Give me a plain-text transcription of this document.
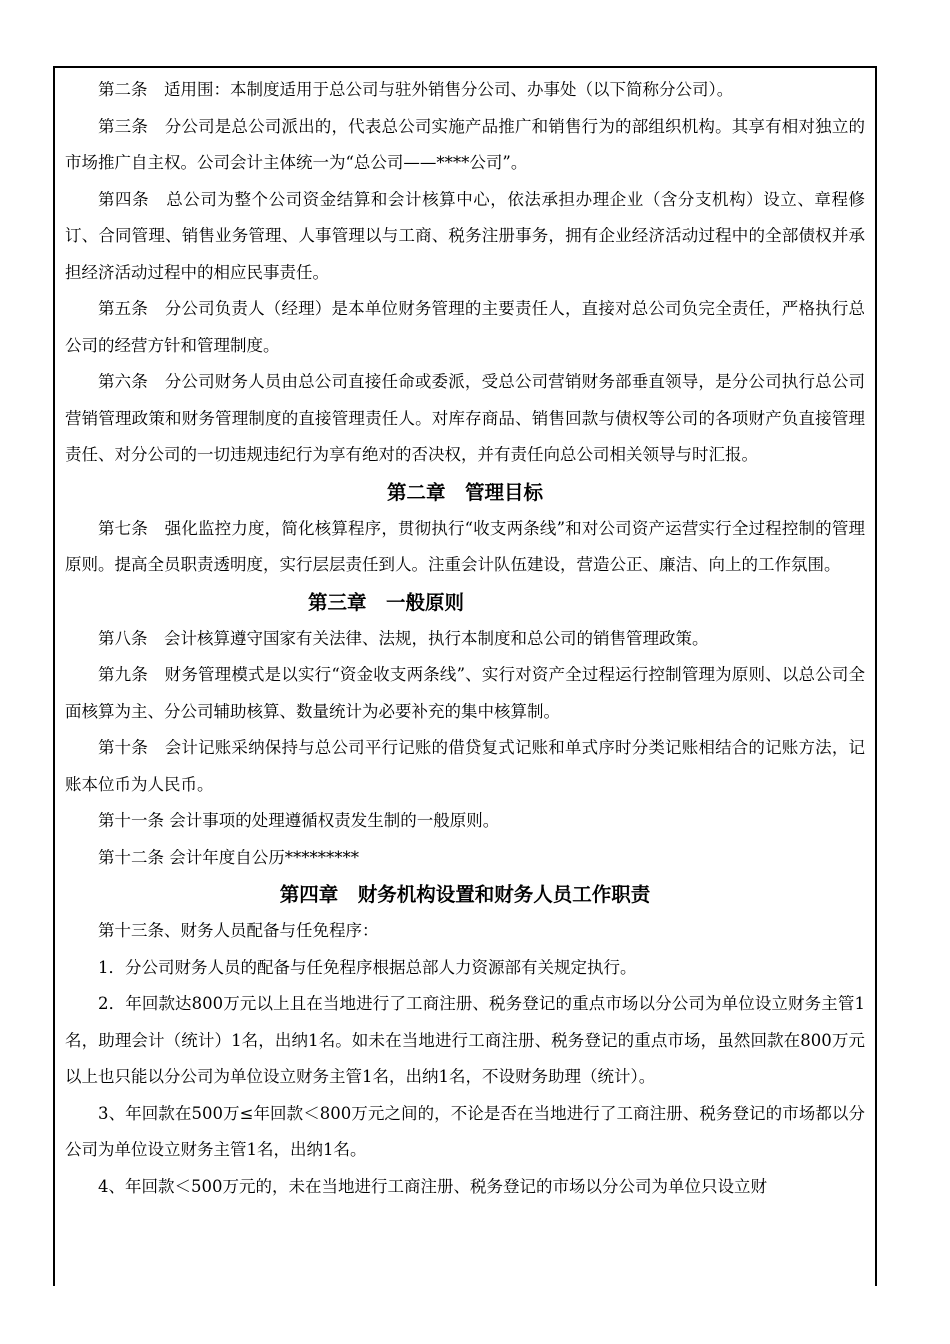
第二条　适用围：本制度适用于总公司与驻外销售分公司、办事处（以下简称分公司）。

第三条　分公司是总公司派出的，代表总公司实施产品推广和销售行为的部组织机构。其享有相对独立的市场推广自主权。公司会计主体统一为“总公司——****公司”。

第四条　总公司为整个公司资金结算和会计核算中心，依法承担办理企业（含分支机构）设立、章程修订、合同管理、销售业务管理、人事管理以与工商、税务注册事务，拥有企业经济活动过程中的全部债权并承担经济活动过程中的相应民事责任。

第五条　分公司负责人（经理）是本单位财务管理的主要责任人，直接对总公司负完全责任，严格执行总公司的经营方针和管理制度。

第六条　分公司财务人员由总公司直接任命或委派，受总公司营销财务部垂直领导，是分公司执行总公司营销管理政策和财务管理制度的直接管理责任人。对库存商品、销售回款与债权等公司的各项财产负直接管理责任、对分公司的一切违规违纪行为享有绝对的否决权，并有责任向总公司相关领导与时汇报。

第二章　管理目标

第七条　强化监控力度，简化核算程序，贯彻执行“收支两条线”和对公司资产运营实行全过程控制的管理原则。提高全员职责透明度，实行层层责任到人。注重会计队伍建设，营造公正、廉洁、向上的工作氛围。

第三章　一般原则

第八条　会计核算遵守国家有关法律、法规，执行本制度和总公司的销售管理政策。

第九条　财务管理模式是以实行“资金收支两条线”、实行对资产全过程运行控制管理为原则、以总公司全面核算为主、分公司辅助核算、数量统计为必要补充的集中核算制。

第十条　会计记账采纳保持与总公司平行记账的借贷复式记账和单式序时分类记账相结合的记账方法，记账本位币为人民币。

第十一条 会计事项的处理遵循权责发生制的一般原则。

第十二条 会计年度自公历*********

第四章　财务机构设置和财务人员工作职责

第十三条、财务人员配备与任免程序：

1．分公司财务人员的配备与任免程序根据总部人力资源部有关规定执行。

2．年回款达800万元以上且在当地进行了工商注册、税务登记的重点市场以分公司为单位设立财务主管1名，助理会计（统计）1名，出纳1名。如未在当地进行工商注册、税务登记的重点市场，虽然回款在800万元以上也只能以分公司为单位设立财务主管1名，出纳1名，不设财务助理（统计）。

3、年回款在500万≤年回款＜800万元之间的，不论是否在当地进行了工商注册、税务登记的市场都以分公司为单位设立财务主管1名，出纳1名。

4、年回款＜500万元的，未在当地进行工商注册、税务登记的市场以分公司为单位只设立财
